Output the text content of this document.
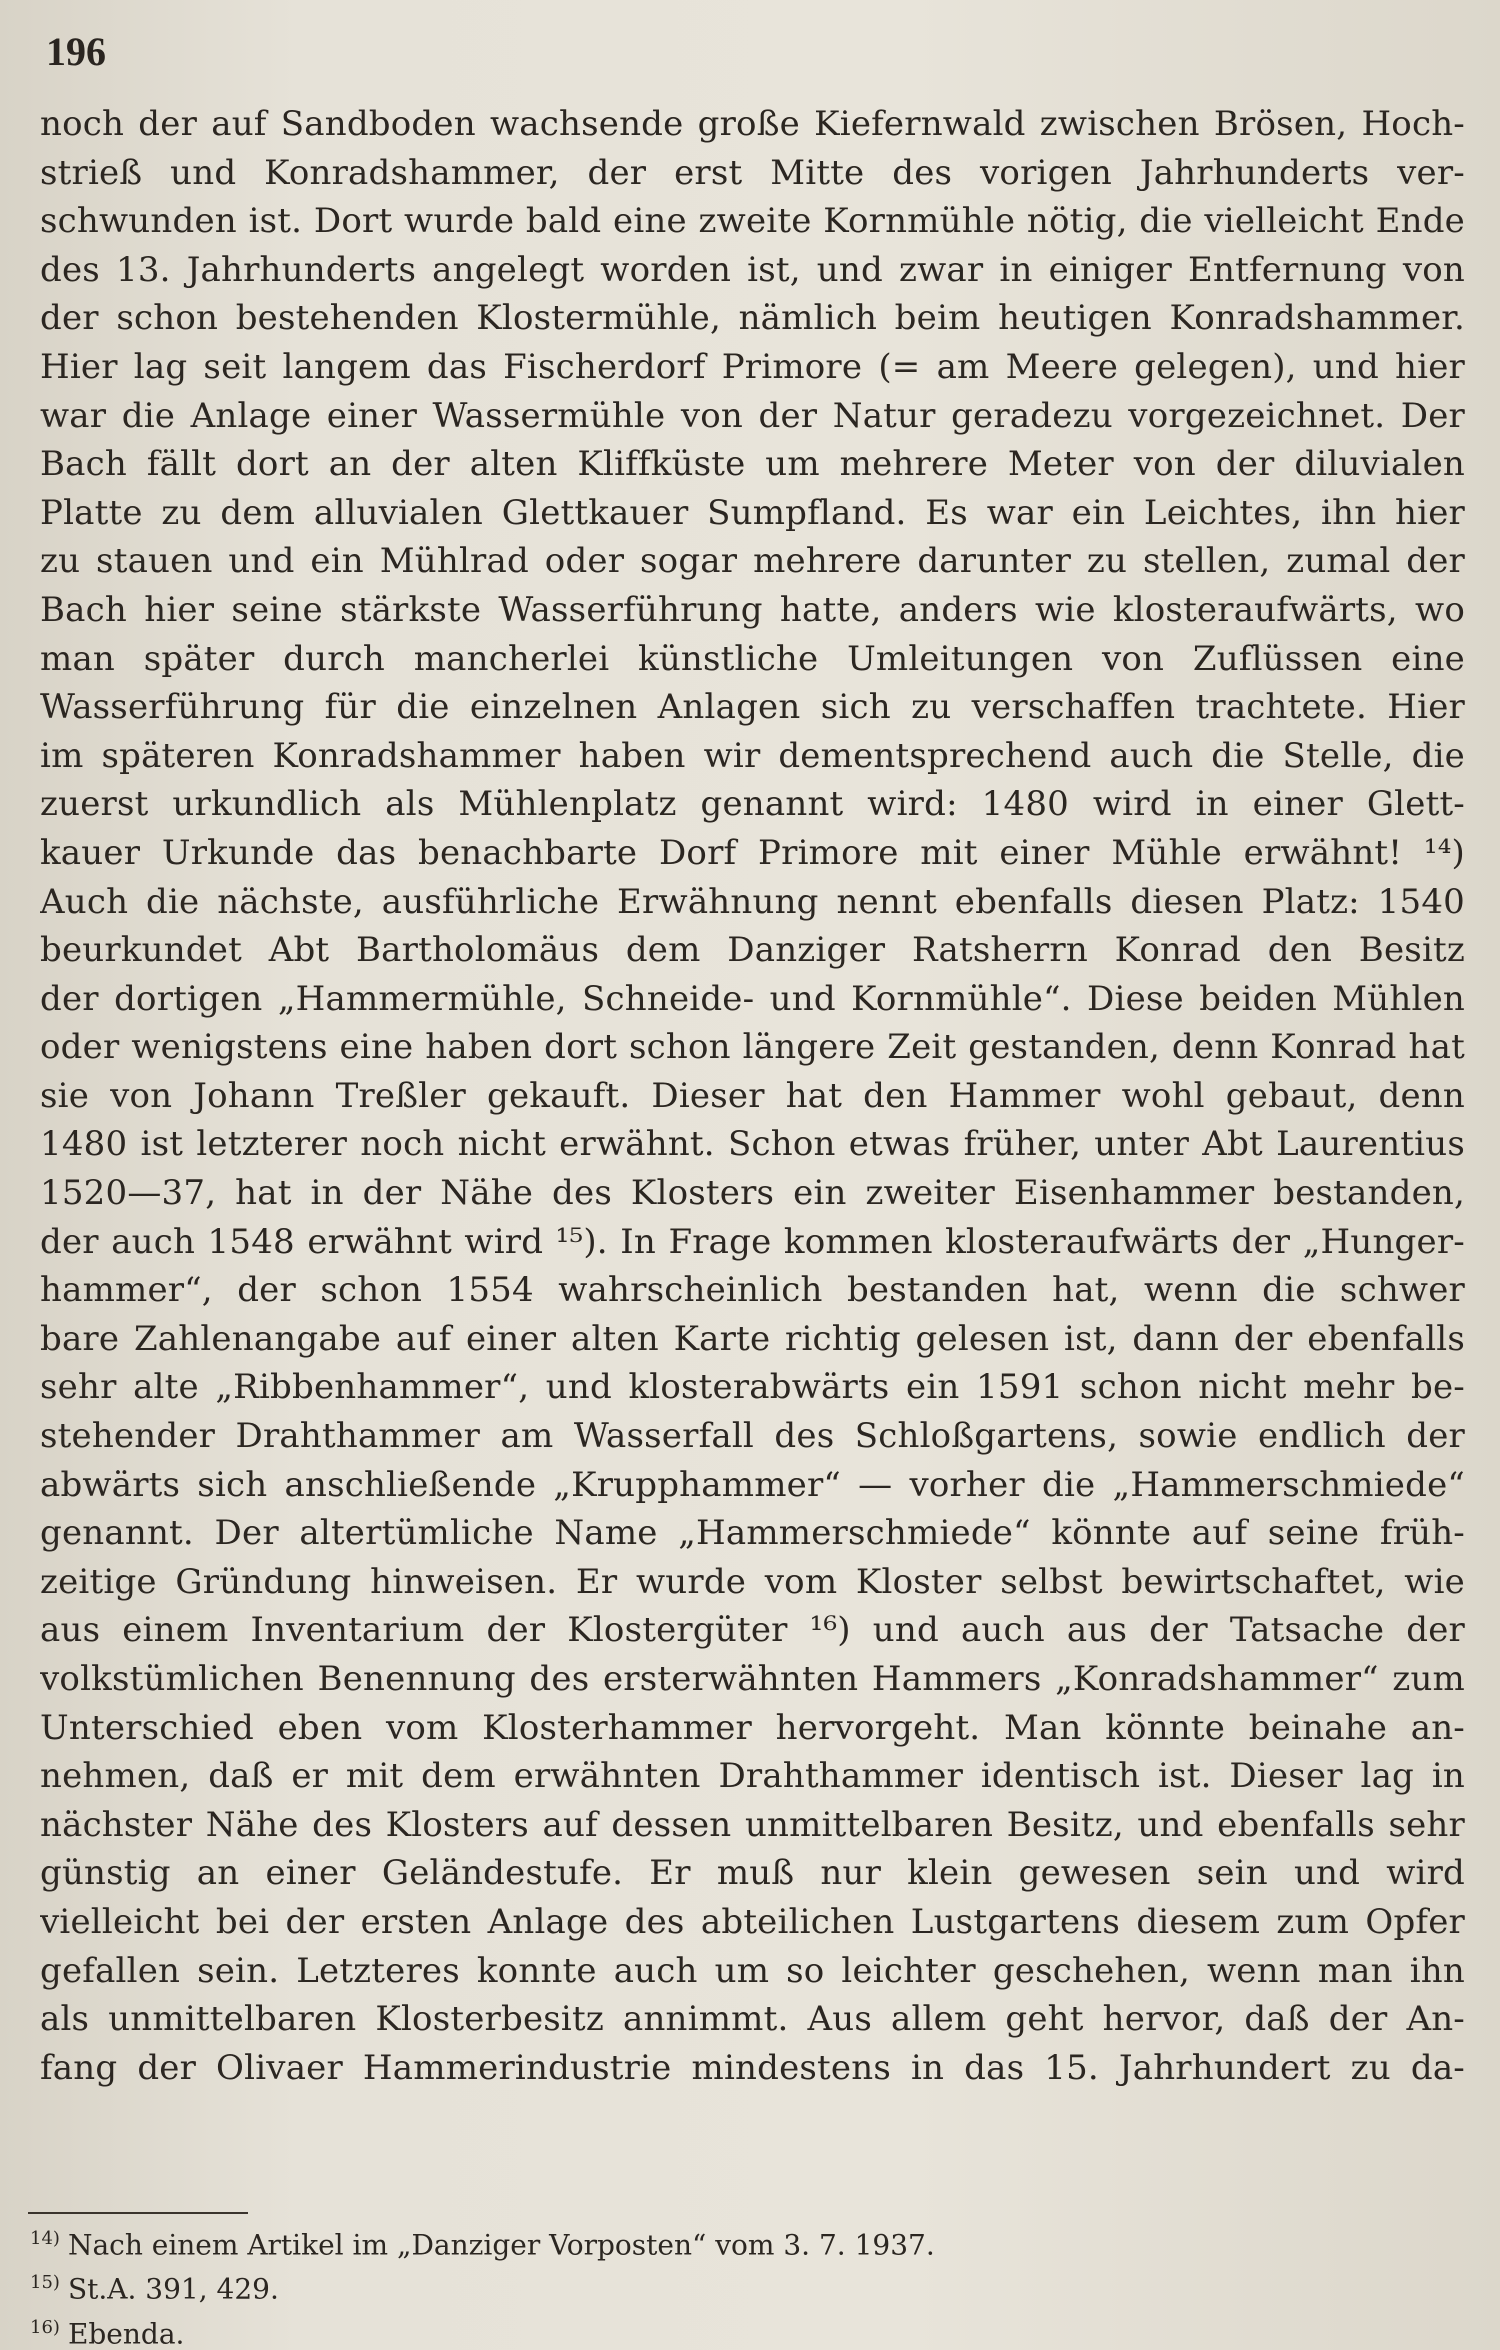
196
noch der auf Sandboden wachsende große Kiefernwald zwischen Brösen, Hoch-
strieß und Konradshammer, der erst Mitte des vorigen Jahrhunderts ver-
schwunden ist. Dort wurde bald eine zweite Kornmühle nötig, die vielleicht Ende
des 13. Jahrhunderts angelegt worden ist, und zwar in einiger Entfernung von
der schon bestehenden Klostermühle, nämlich beim heutigen Konradshammer.
Hier lag seit langem das Fischerdorf Primore (= am Meere gelegen), und hier
war die Anlage einer Wassermühle von der Natur geradezu vorgezeichnet. Der
Bach fällt dort an der alten Kliffküste um mehrere Meter von der diluvialen
Platte zu dem alluvialen Glettkauer Sumpfland. Es war ein Leichtes, ihn hier
zu stauen und ein Mühlrad oder sogar mehrere darunter zu stellen, zumal der
Bach hier seine stärkste Wasserführung hatte, anders wie klosteraufwärts, wo
man später durch mancherlei künstliche Umleitungen von Zuflüssen eine
Wasserführung für die einzelnen Anlagen sich zu verschaffen trachtete. Hier
im späteren Konradshammer haben wir dementsprechend auch die Stelle, die
zuerst urkundlich als Mühlenplatz genannt wird: 1480 wird in einer Glett-
kauer Urkunde das benachbarte Dorf Primore mit einer Mühle erwähnt! ¹⁴)
Auch die nächste, ausführliche Erwähnung nennt ebenfalls diesen Platz: 1540
beurkundet Abt Bartholomäus dem Danziger Ratsherrn Konrad den Besitz
der dortigen „Hammermühle, Schneide- und Kornmühle“. Diese beiden Mühlen
oder wenigstens eine haben dort schon längere Zeit gestanden, denn Konrad hat
sie von Johann Treßler gekauft. Dieser hat den Hammer wohl gebaut, denn
1480 ist letzterer noch nicht erwähnt. Schon etwas früher, unter Abt Laurentius
1520—37, hat in der Nähe des Klosters ein zweiter Eisenhammer bestanden,
der auch 1548 erwähnt wird ¹⁵). In Frage kommen klosteraufwärts der „Hunger-
hammer“, der schon 1554 wahrscheinlich bestanden hat, wenn die schwer
bare Zahlenangabe auf einer alten Karte richtig gelesen ist, dann der ebenfalls
sehr alte „Ribbenhammer“, und klosterabwärts ein 1591 schon nicht mehr be-
stehender Drahthammer am Wasserfall des Schloßgartens, sowie endlich der
abwärts sich anschließende „Krupphammer“ — vorher die „Hammerschmiede“
genannt. Der altertümliche Name „Hammerschmiede“ könnte auf seine früh-
zeitige Gründung hinweisen. Er wurde vom Kloster selbst bewirtschaftet, wie
aus einem Inventarium der Klostergüter ¹⁶) und auch aus der Tatsache der
volkstümlichen Benennung des ersterwähnten Hammers „Konradshammer“ zum
Unterschied eben vom Klosterhammer hervorgeht. Man könnte beinahe an-
nehmen, daß er mit dem erwähnten Drahthammer identisch ist. Dieser lag in
nächster Nähe des Klosters auf dessen unmittelbaren Besitz, und ebenfalls sehr
günstig an einer Geländestufe. Er muß nur klein gewesen sein und wird
vielleicht bei der ersten Anlage des abteilichen Lustgartens diesem zum Opfer
gefallen sein. Letzteres konnte auch um so leichter geschehen, wenn man ihn
als unmittelbaren Klosterbesitz annimmt. Aus allem geht hervor, daß der An-
fang der Olivaer Hammerindustrie mindestens in das 15. Jahrhundert zu da-
$^{14)}$ Nach einem Artikel im „Danziger Vorposten“ vom 3. 7. 1937.
$^{15)}$ St.A. 391, 429.
$^{16)}$ Ebenda.
